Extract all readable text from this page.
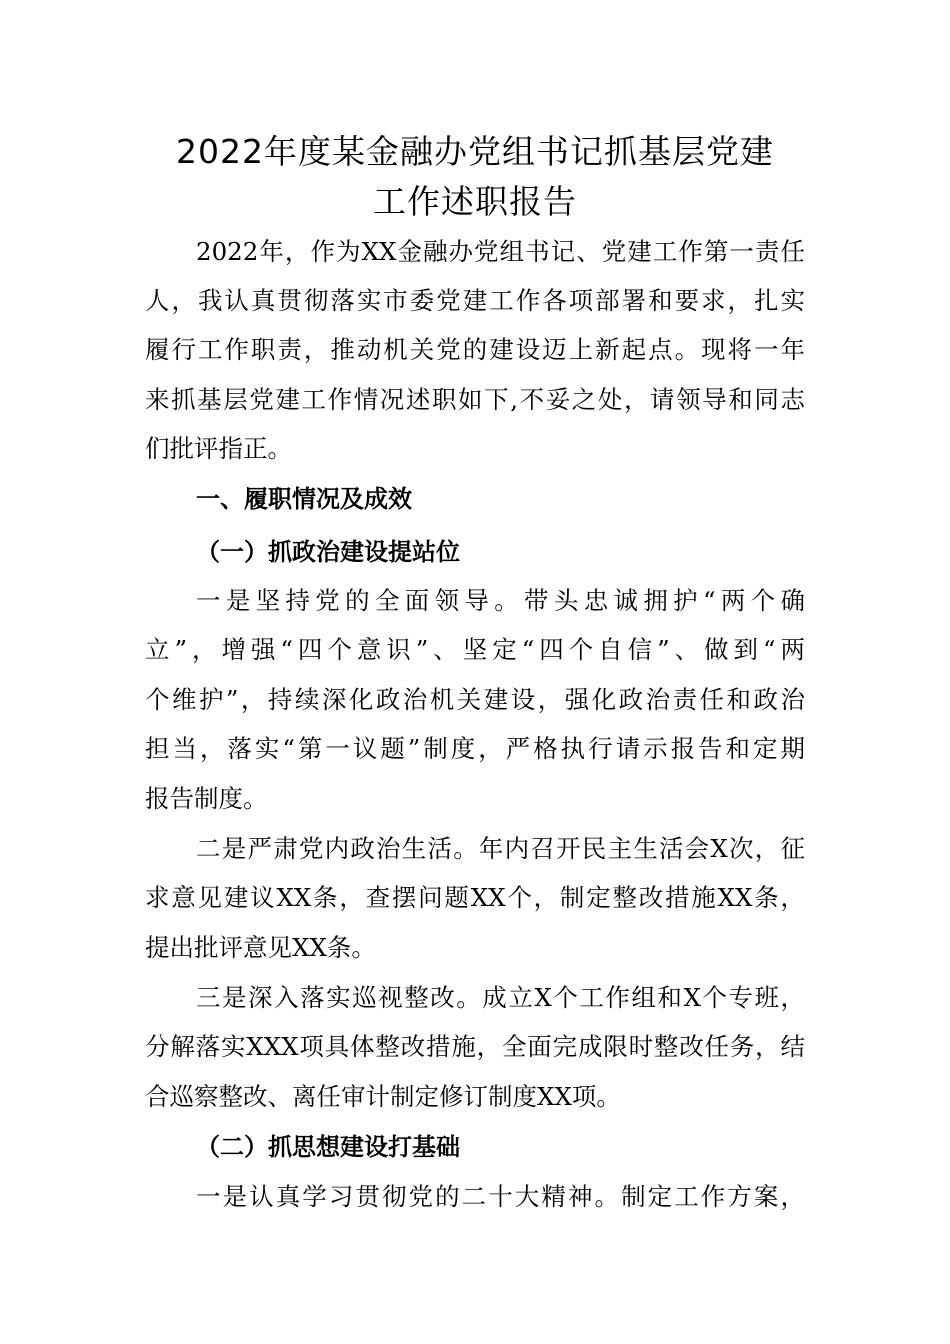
2022年度某金融办党组书记抓基层党建
工作述职报告
2022年，作为XX金融办党组书记、党建工作第一责任
人，我认真贯彻落实市委党建工作各项部署和要求，扎实
履行工作职责，推动机关党的建设迈上新起点。现将一年
来抓基层党建工作情况述职如下,不妥之处，请领导和同志
们批评指正。
一、履职情况及成效
（一）抓政治建设提站位
一是坚持党的全面领导。带头忠诚拥护“两个确
立”，增强“四个意识”、坚定“四个自信”、做到“两
个维护”，持续深化政治机关建设，强化政治责任和政治
担当，落实“第一议题”制度，严格执行请示报告和定期
报告制度。
二是严肃党内政治生活。年内召开民主生活会X次，征
求意见建议XX条，查摆问题XX个，制定整改措施XX条，
提出批评意见XX条。
三是深入落实巡视整改。成立X个工作组和X个专班，
分解落实XXX项具体整改措施，全面完成限时整改任务，结
合巡察整改、离任审计制定修订制度XX项。
（二）抓思想建设打基础
一是认真学习贯彻党的二十大精神。制定工作方案，
